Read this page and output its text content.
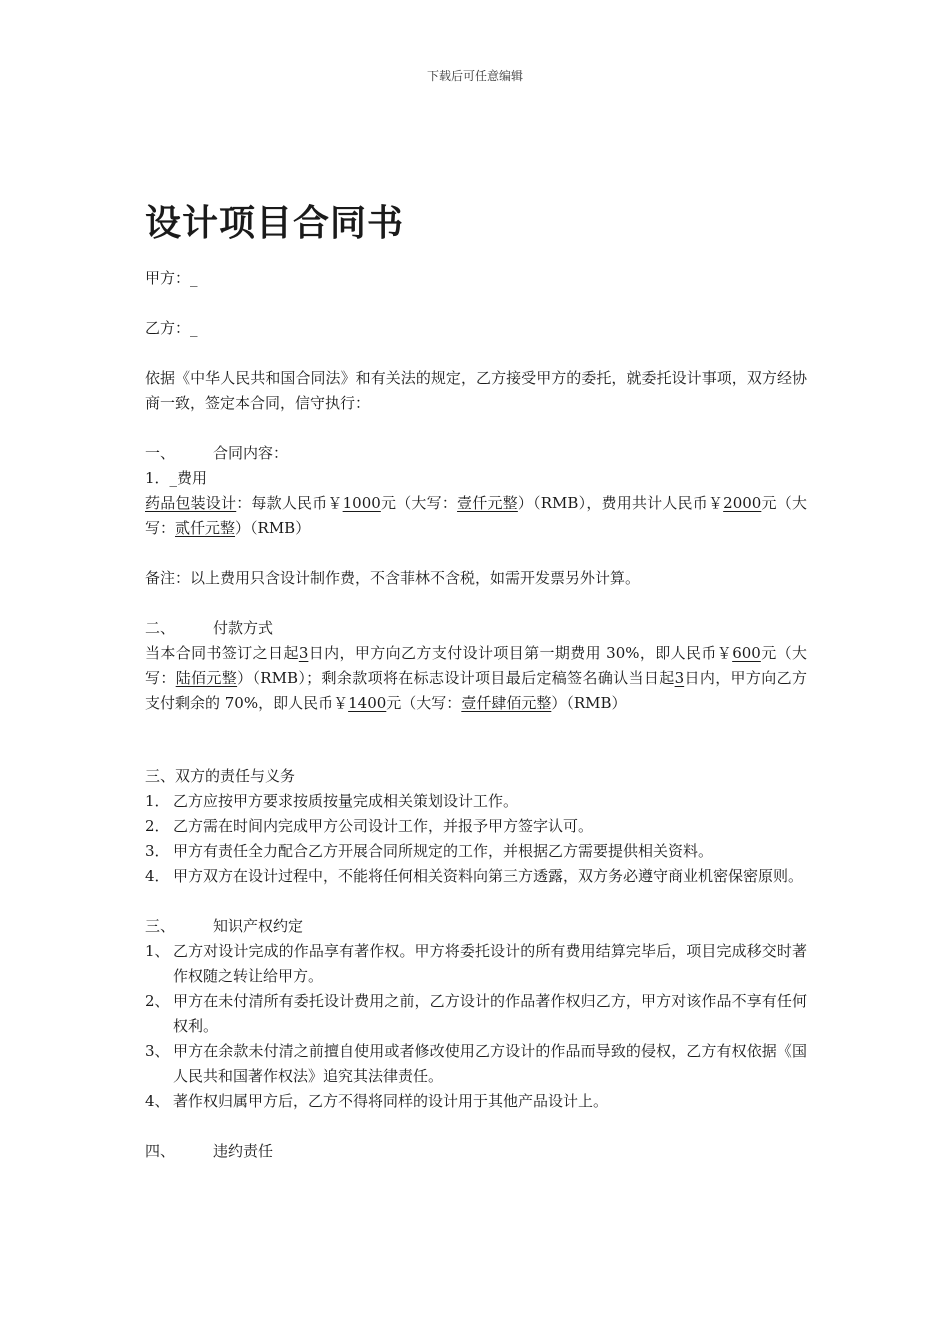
下载后可任意编辑
设计项目合同书

甲方：_

乙方：_

依据《中华人民共和国合同法》和有关法的规定，乙方接受甲方的委托，就委托设计事项，双方经协商一致，签定本合同，信守执行：

一、	合同内容：

1．_费用

药品包装设计：每款人民币￥1000元（大写：壹仟元整）（RMB），费用共计人民币￥2000元（大写：贰仟元整）（RMB）

备注：以上费用只含设计制作费，不含菲林不含税，如需开发票另外计算。

二、	付款方式

当本合同书签订之日起3日内，甲方向乙方支付设计项目第一期费用 30%，即人民币￥600元（大写：陆佰元整）（RMB）；剩余款项将在标志设计项目最后定稿签名确认当日起3日内，甲方向乙方支付剩余的 70%，即人民币￥1400元（大写：壹仟肆佰元整）（RMB）

三、双方的责任与义务

1． 乙方应按甲方要求按质按量完成相关策划设计工作。
2． 乙方需在时间内完成甲方公司设计工作，并报予甲方签字认可。
3． 甲方有责任全力配合乙方开展合同所规定的工作，并根据乙方需要提供相关资料。
4． 甲方双方在设计过程中，不能将任何相关资料向第三方透露，双方务必遵守商业机密保密原则。
三、	知识产权约定
1、 乙方对设计完成的作品享有著作权。甲方将委托设计的所有费用结算完毕后，项目完成移交时著作权随之转让给甲方。
2、 甲方在未付清所有委托设计费用之前，乙方设计的作品著作权归乙方，甲方对该作品不享有任何权利。
3、 甲方在余款未付清之前擅自使用或者修改使用乙方设计的作品而导致的侵权，乙方有权依据《国人民共和国著作权法》追究其法律责任。
4、 著作权归属甲方后，乙方不得将同样的设计用于其他产品设计上。
四、	违约责任
